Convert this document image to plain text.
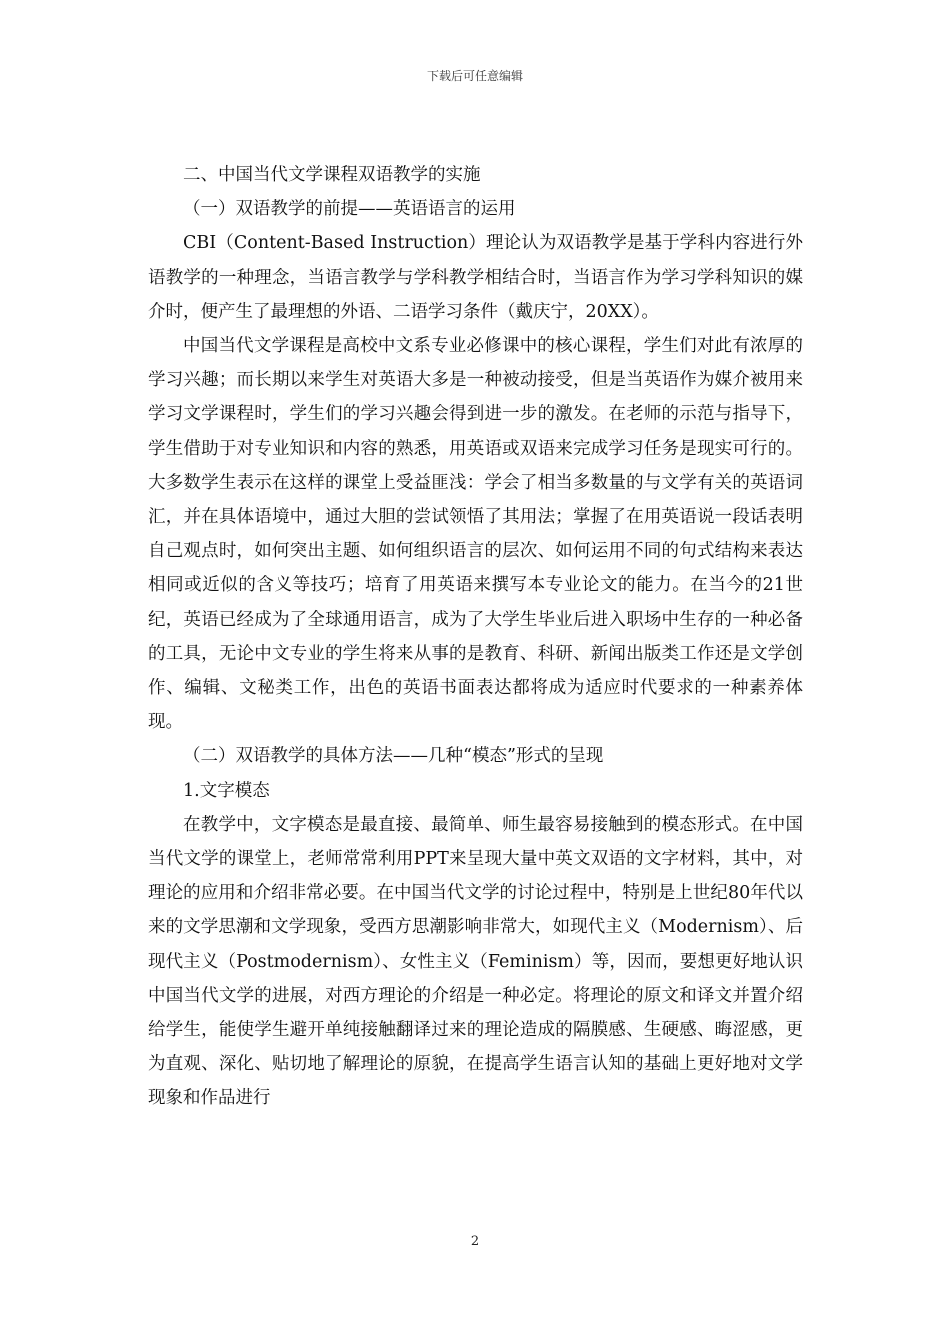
下载后可任意编辑

二、中国当代文学课程双语教学的实施

（一）双语教学的前提——英语语言的运用

CBI（Content-Based Instruction）理论认为双语教学是基于学科内容进行外语教学的一种理念，当语言教学与学科教学相结合时，当语言作为学习学科知识的媒介时，便产生了最理想的外语、二语学习条件（戴庆宁，20XX）。

中国当代文学课程是高校中文系专业必修课中的核心课程，学生们对此有浓厚的学习兴趣；而长期以来学生对英语大多是一种被动接受，但是当英语作为媒介被用来学习文学课程时，学生们的学习兴趣会得到进一步的激发。在老师的示范与指导下，学生借助于对专业知识和内容的熟悉，用英语或双语来完成学习任务是现实可行的。大多数学生表示在这样的课堂上受益匪浅：学会了相当多数量的与文学有关的英语词汇，并在具体语境中，通过大胆的尝试领悟了其用法；掌握了在用英语说一段话表明自己观点时，如何突出主题、如何组织语言的层次、如何运用不同的句式结构来表达相同或近似的含义等技巧；培育了用英语来撰写本专业论文的能力。在当今的21世纪，英语已经成为了全球通用语言，成为了大学生毕业后进入职场中生存的一种必备的工具，无论中文专业的学生将来从事的是教育、科研、新闻出版类工作还是文学创作、编辑、文秘类工作，出色的英语书面表达都将成为适应时代要求的一种素养体现。

（二）双语教学的具体方法——几种“模态”形式的呈现

1.文字模态

在教学中，文字模态是最直接、最简单、师生最容易接触到的模态形式。在中国当代文学的课堂上，老师常常利用PPT来呈现大量中英文双语的文字材料，其中，对理论的应用和介绍非常必要。在中国当代文学的讨论过程中，特别是上世纪80年代以来的文学思潮和文学现象，受西方思潮影响非常大，如现代主义（Modernism）、后现代主义（Postmodernism）、女性主义（Feminism）等，因而，要想更好地认识中国当代文学的进展，对西方理论的介绍是一种必定。将理论的原文和译文并置介绍给学生，能使学生避开单纯接触翻译过来的理论造成的隔膜感、生硬感、晦涩感，更为直观、深化、贴切地了解理论的原貌，在提高学生语言认知的基础上更好地对文学现象和作品进行

2
